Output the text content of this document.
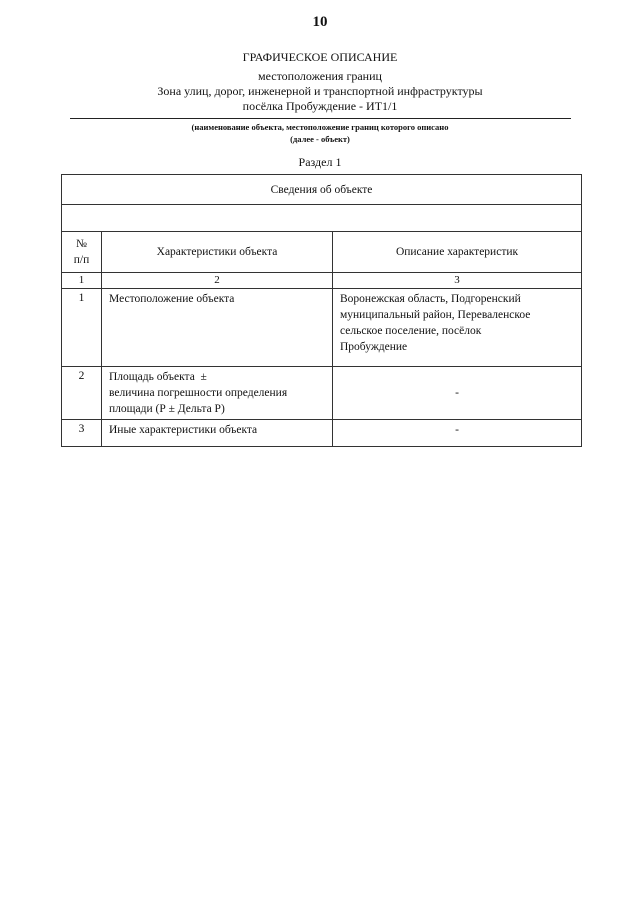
10
ГРАФИЧЕСКОЕ ОПИСАНИЕ
местоположения границ
Зона улиц, дорог, инженерной и транспортной инфраструктуры
посёлка Пробуждение - ИТ1/1
(наименование объекта, местоположение границ которого описано
(далее - объект)
Раздел 1
Сведения об объекте		

№
п/п	Характеристики объекта	Описание характеристик
1	2	3
1	Местоположение объекта	Воронежская область, Подгоренский
муниципальный район, Переваленское
сельское поселение, посёлок
Пробуждение

2	Площадь объекта  ±
величина погрешности определения
площади (Р ± Дельта Р)	-
3	Иные характеристики объекта	-
